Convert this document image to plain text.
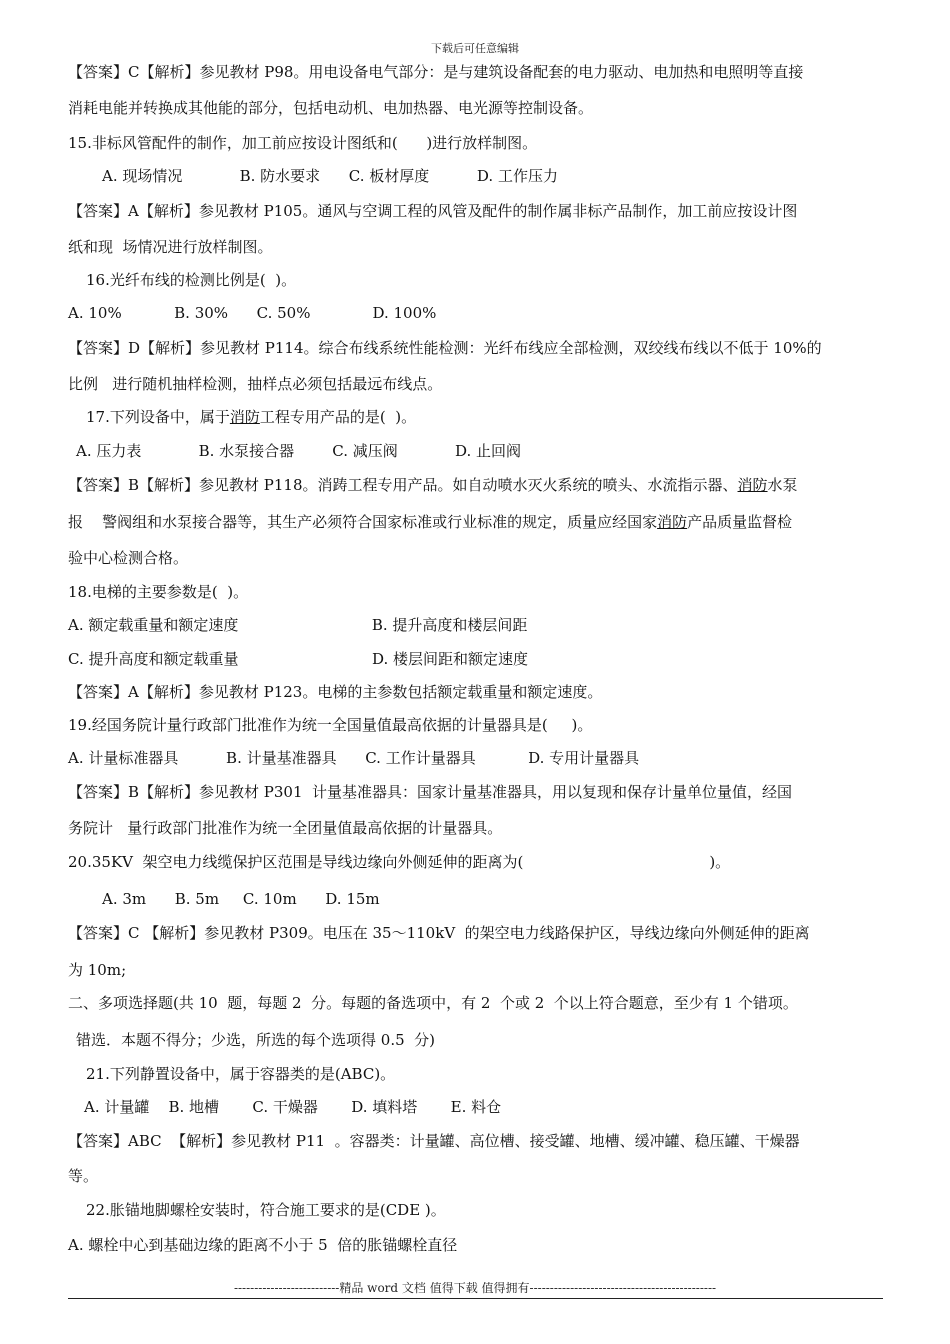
下载后可任意编辑
【答案】C【解析】参见教材 P98。用电设备电气部分：是与建筑设备配套的电力驱动、电加热和电照明等直接
消耗电能并转换成其他能的部分，包括电动机、电加热器、电光源等控制设备。
15.非标风管配件的制作，加工前应按设计图纸和(      )进行放样制图。
A. 现场情况            B. 防水要求      C. 板材厚度          D. 工作压力
【答案】A【解析】参见教材 P105。通风与空调工程的风管及配件的制作属非标产品制作，加工前应按设计图
纸和现  场情况进行放样制图。
16.光纤布线的检测比例是(  )。
A. 10%           B. 30%      C. 50%             D. 100%
【答案】D【解析】参见教材 P114。综合布线系统性能检测：光纤布线应全部检测，双绞线布线以不低于 10%的
比例   进行随机抽样检测，抽样点必须包括最远布线点。
A. 压力表            B. 水泵接合器        C. 减压阀            D. 止回阀
报    警阀组和水泵接合器等，其生产必须符合国家标准或行业标准的规定，质量应经国家消防产品质量监督检
验中心检测合格。
18.电梯的主要参数是(  )。
A. 额定载重量和额定速度                            B. 提升高度和楼层间距
C. 提升高度和额定载重量                            D. 楼层间距和额定速度
【答案】A【解析】参见教材 P123。电梯的主参数包括额定载重量和额定速度。
19.经国务院计量行政部门批准作为统一全国量值最高依据的计量器具是(     )。
A. 计量标准器具          B. 计量基准器具      C. 工作计量器具           D. 专用计量器具
【答案】B【解析】参见教材 P301  计量基准器具：国家计量基准器具，用以复现和保存计量单位量值，经国
务院计   量行政部门批准作为统一全团量值最高依据的计量器具。
20.35KV  架空电力线缆保护区范围是导线边缘向外侧延伸的距离为(                                       )。
A. 3m      B. 5m     C. 10m      D. 15m
【答案】C 【解析】参见教材 P309。电压在 35～110kV  的架空电力线路保护区，导线边缘向外侧延伸的距离
为 10m;
二、多项选择题(共 10  题，每题 2  分。每题的备选项中，有 2  个或 2  个以上符合题意，至少有 1 个错项。
错选．本题不得分；少选，所选的每个选项得 0.5  分)
21.下列静置设备中，属于容器类的是(ABC)。
A. 计量罐    B. 地槽       C. 干燥器       D. 填料塔       E. 料仓
【答案】ABC  【解析】参见教材 P11  。容器类：计量罐、高位槽、接受罐、地槽、缓冲罐、稳压罐、干燥器
等。
22.胀锚地脚螺栓安装时，符合施工要求的是(CDE )。
A. 螺栓中心到基础边缘的距离不小于 5  倍的胀锚螺栓直径
17.下列设备中，属于消防工程专用产品的是(  )。
【答案】B【解析】参见教材 P118。消踌工程专用产品。如自动喷水灭火系统的喷头、水流指示器、消防水泵
--------------------------精品 word 文档 值得下载 值得拥有----------------------------------------------
